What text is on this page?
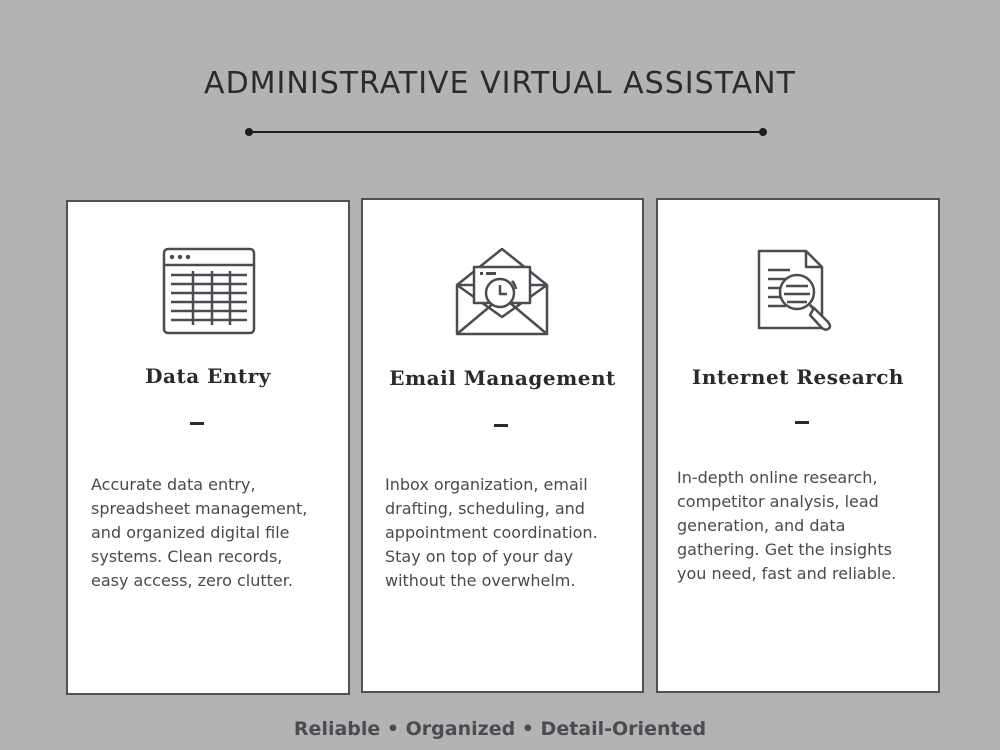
ADMINISTRATIVE VIRTUAL ASSISTANT
Data Entry

Accurate data entry,
spreadsheet management,
and organized digital file
systems. Clean records,
easy access, zero clutter.

Email Management

Inbox organization, email
drafting, scheduling, and
appointment coordination.
Stay on top of your day
without the overwhelm.

Internet Research

In-depth online research,
competitor analysis, lead
generation, and data
gathering. Get the insights
you need, fast and reliable.

Reliable • Organized • Detail-Oriented
